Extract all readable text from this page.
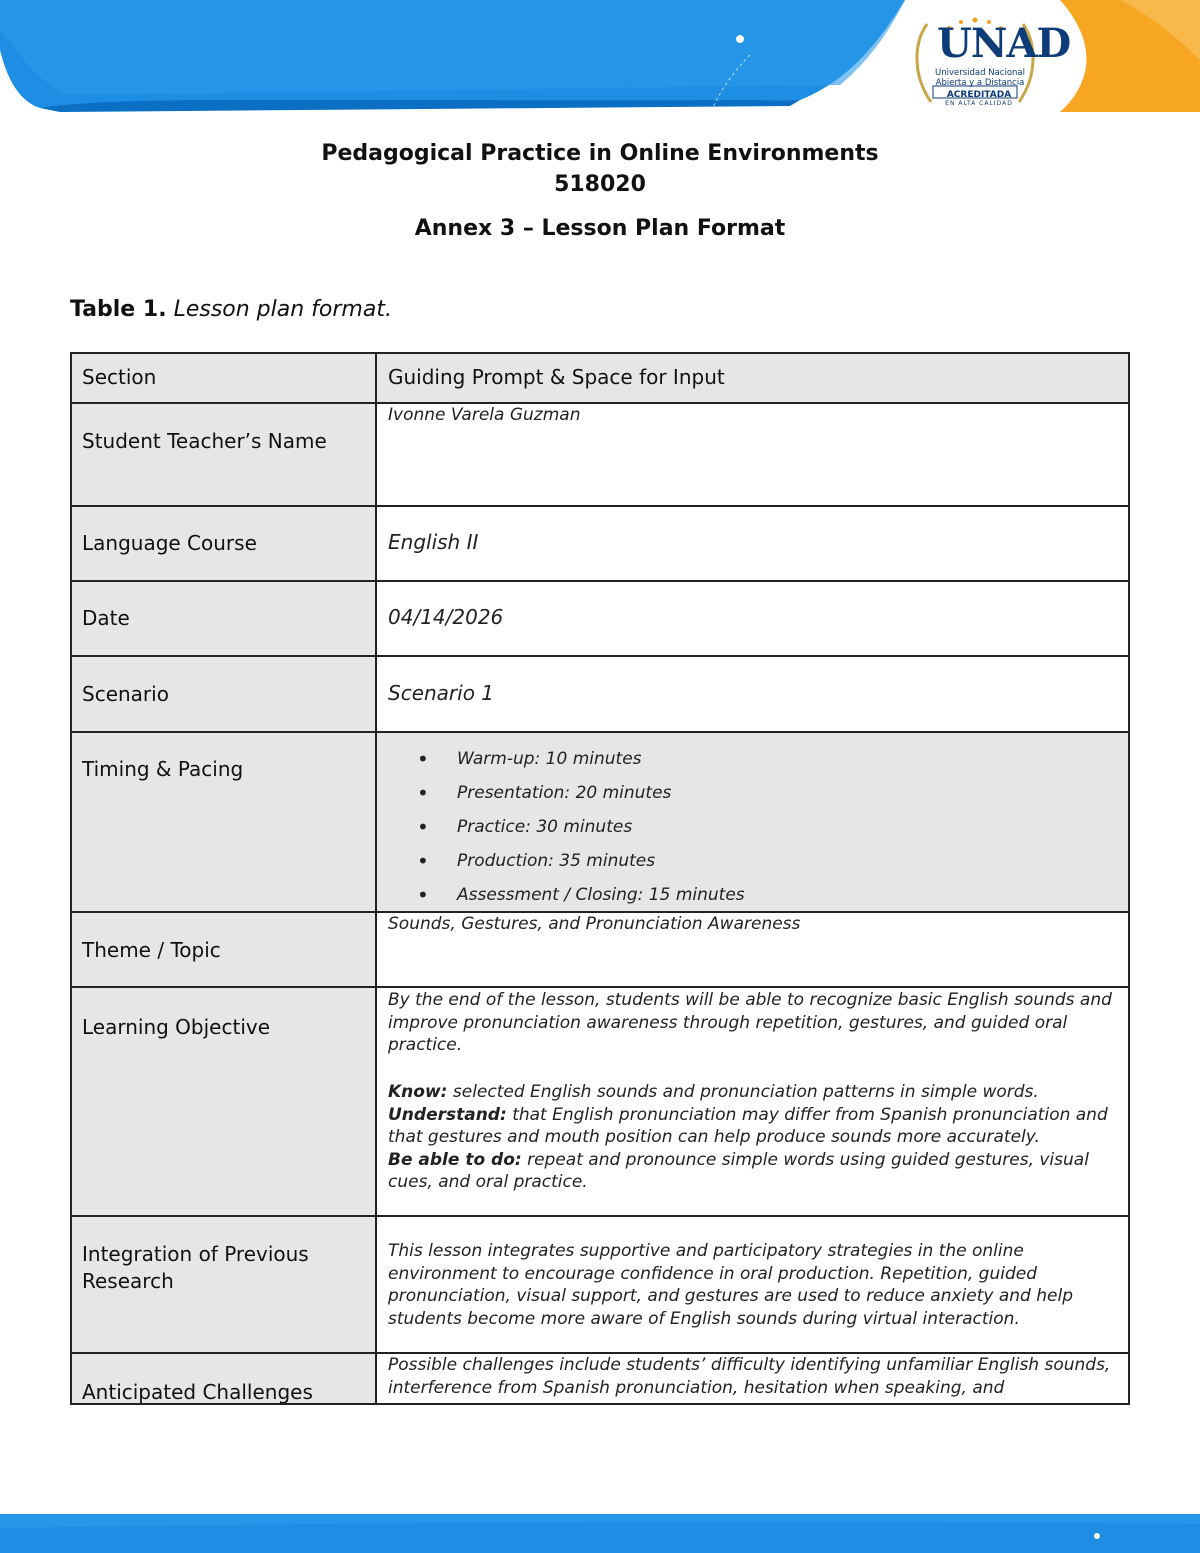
UNAD
Universidad Nacional Abierta y a Distancia
ACREDITADA
EN ALTA CALIDAD
Pedagogical Practice in Online Environments
518020
Annex 3 – Lesson Plan Format
Table 1. Lesson plan format.
Section	Guiding Prompt & Space for Input
Student Teacher’s Name
Ivonne Varela Guzman
Language Course	English II
Date	04/14/2026
Scenario	Scenario 1
Timing & Pacing
•	Warm-up: 10 minutes
• Presentation: 20 minutes
• Practice: 30 minutes
• Production: 35 minutes
• Assessment / Closing: 15 minutes
Theme / Topic
Sounds, Gestures, and Pronunciation Awareness
Learning Objective
By the end of the lesson, students will be able to recognize basic English sounds and improve pronunciation awareness through repetition, gestures, and guided oral practice.
Know: selected English sounds and pronunciation patterns in simple words.
Understand: that English pronunciation may differ from Spanish pronunciation and that gestures and mouth position can help produce sounds more accurately.
Be able to do: repeat and pronounce simple words using guided gestures, visual cues, and oral practice.
Integration of Previous Research
This lesson integrates supportive and participatory strategies in the online environment to encourage confidence in oral production. Repetition, guided pronunciation, visual support, and gestures are used to reduce anxiety and help students become more aware of English sounds during virtual interaction.
Anticipated Challenges
Possible challenges include students’ difficulty identifying unfamiliar English sounds, interference from Spanish pronunciation, hesitation when speaking, and
